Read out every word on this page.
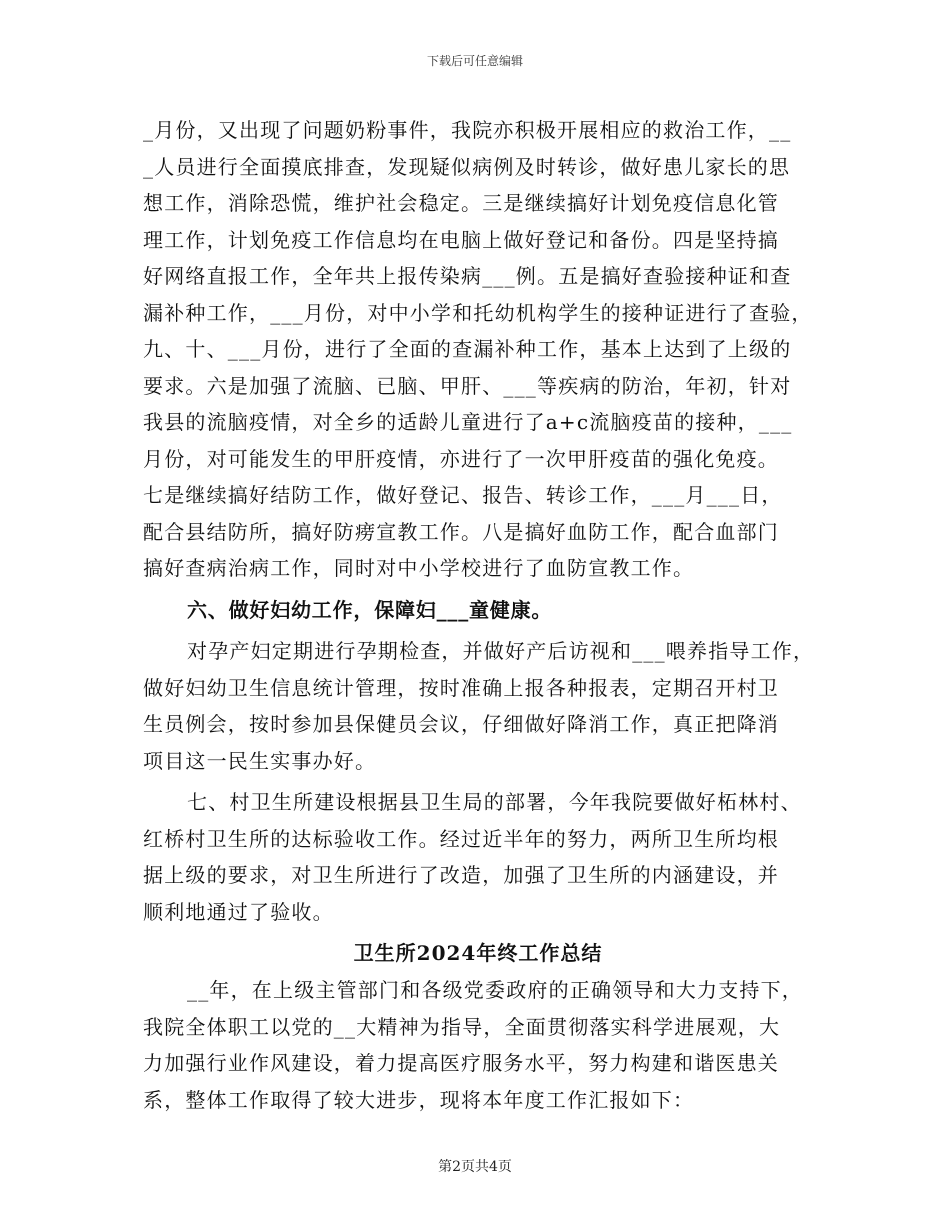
下载后可任意编辑
_月份，又出现了问题奶粉事件，我院亦积极开展相应的救治工作，__
_人员进行全面摸底排查，发现疑似病例及时转诊，做好患儿家长的思
想工作，消除恐慌，维护社会稳定。三是继续搞好计划免疫信息化管
理工作，计划免疫工作信息均在电脑上做好登记和备份。四是坚持搞
好网络直报工作，全年共上报传染病___例。五是搞好查验接种证和查
漏补种工作，___月份，对中小学和托幼机构学生的接种证进行了查验，
九、十、___月份，进行了全面的查漏补种工作，基本上达到了上级的
要求。六是加强了流脑、已脑、甲肝、___等疾病的防治，年初，针对
我县的流脑疫情，对全乡的适龄儿童进行了a+c流脑疫苗的接种，___
月份，对可能发生的甲肝疫情，亦进行了一次甲肝疫苗的强化免疫。
七是继续搞好结防工作，做好登记、报告、转诊工作，___月___日，
配合县结防所，搞好防痨宣教工作。八是搞好血防工作，配合血部门
搞好查病治病工作，同时对中小学校进行了血防宣教工作。
六、做好妇幼工作，保障妇___童健康。
对孕产妇定期进行孕期检查，并做好产后访视和___喂养指导工作，
做好妇幼卫生信息统计管理，按时准确上报各种报表，定期召开村卫
生员例会，按时参加县保健员会议，仔细做好降消工作，真正把降消
项目这一民生实事办好。
七、村卫生所建设根据县卫生局的部署，今年我院要做好柘林村、
红桥村卫生所的达标验收工作。经过近半年的努力，两所卫生所均根
据上级的要求，对卫生所进行了改造，加强了卫生所的内涵建设，并
顺利地通过了验收。
卫生所2024年终工作总结
__年，在上级主管部门和各级党委政府的正确领导和大力支持下，
我院全体职工以党的__大精神为指导，全面贯彻落实科学进展观，大
力加强行业作风建设，着力提高医疗服务水平，努力构建和谐医患关
系，整体工作取得了较大进步，现将本年度工作汇报如下：
第2页共4页
